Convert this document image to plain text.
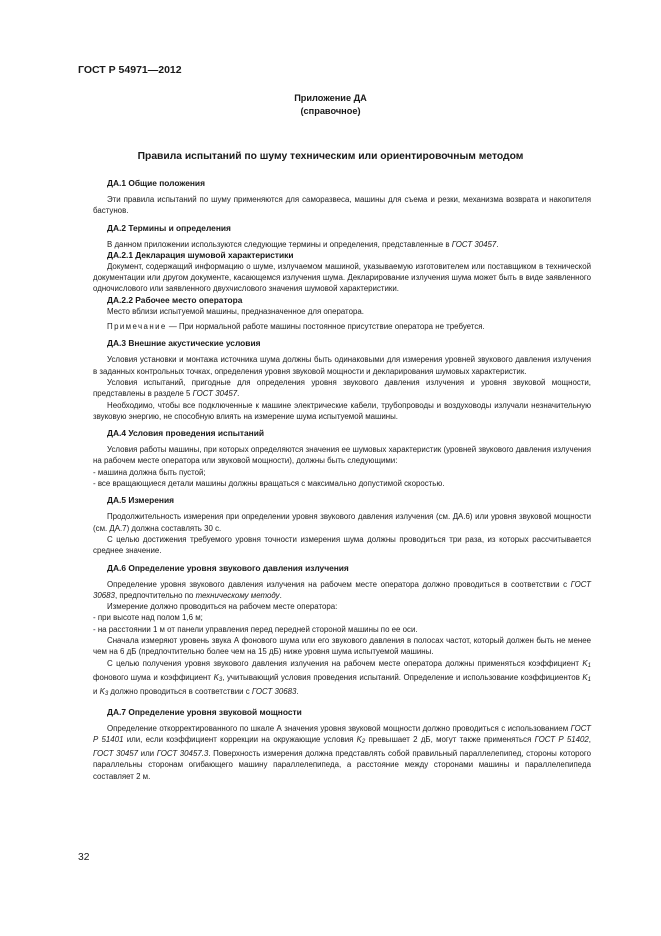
ГОСТ Р 54971—2012
Приложение ДА
(справочное)
Правила испытаний по шуму техническим или ориентировочным методом
ДА.1 Общие положения

Эти правила испытаний по шуму применяются для саморазвеса, машины для съема и резки, механизма возврата и накопителя бастунов.

ДА.2 Термины и определения

В данном приложении используются следующие термины и определения, представленные в ГОСТ 30457.

ДА.2.1 Декларация шумовой характеристики

Документ, содержащий информацию о шуме, излучаемом машиной, указываемую изготовителем или поставщиком в технической документации или другом документе, касающемся излучения шума. Декларирование излучения шума может быть в виде заявленного одночислового или заявленного двухчислового значения шумовой характеристики.

ДА.2.2 Рабочее место оператора

Место вблизи испытуемой машины, предназначенное для оператора.

Примечание — При нормальной работе машины постоянное присутствие оператора не требуется.
ДА.3 Внешние акустические условия

Условия установки и монтажа источника шума должны быть одинаковыми для измерения уровней звукового давления излучения в заданных контрольных точках, определения уровня звуковой мощности и декларирования шумовых характеристик.

Условия испытаний, пригодные для определения уровня звукового давления излучения и уровня звуковой мощности, представлены в разделе 5 ГОСТ 30457.

Необходимо, чтобы все подключенные к машине электрические кабели, трубопроводы и воздуховоды излучали незначительную звуковую энергию, не способную влиять на измерение шума испытуемой машины.

ДА.4 Условия проведения испытаний

Условия работы машины, при которых определяются значения ее шумовых характеристик (уровней звукового давления излучения на рабочем месте оператора или звуковой мощности), должны быть следующими:

- машина должна быть пустой;
- все вращающиеся детали машины должны вращаться с максимально допустимой скоростью.
ДА.5 Измерения

Продолжительность измерения при определении уровня звукового давления излучения (см. ДА.6) или уровня звуковой мощности (см. ДА.7) должна составлять 30 с.

С целью достижения требуемого уровня точности измерения шума должны проводиться три раза, из которых рассчитывается среднее значение.

ДА.6 Определение уровня звукового давления излучения

Определение уровня звукового давления излучения на рабочем месте оператора должно проводиться в соответствии с ГОСТ 30683, предпочтительно по техническому методу.

Измерение должно проводиться на рабочем месте оператора:

- при высоте над полом 1,6 м;
- на расстоянии 1 м от панели управления перед передней стороной машины по ее оси.

Сначала измеряют уровень звука А фонового шума или его звукового давления в полосах частот, который должен быть не менее чем на 6 дБ (предпочтительно более чем на 15 дБ) ниже уровня шума испытуемой машины.

С целью получения уровня звукового давления излучения на рабочем месте оператора должны применяться коэффициент K1 фонового шума и коэффициент K3, учитывающий условия проведения испытаний. Определение и использование коэффициентов K1 и K3 должно проводиться в соответствии с ГОСТ 30683.

ДА.7 Определение уровня звуковой мощности

Определение откорректированного по шкале А значения уровня звуковой мощности должно проводиться с использованием ГОСТ Р 51401 или, если коэффициент коррекции на окружающие условия K2 превышает 2 дБ, могут также применяться ГОСТ Р 51402, ГОСТ 30457 или ГОСТ 30457.3. Поверхность измерения должна представлять собой правильный параллелепипед, стороны которого параллельны сторонам огибающего машину параллелепипеда, а расстояние между сторонами машины и параллелепипеда составляет 2 м.

32
